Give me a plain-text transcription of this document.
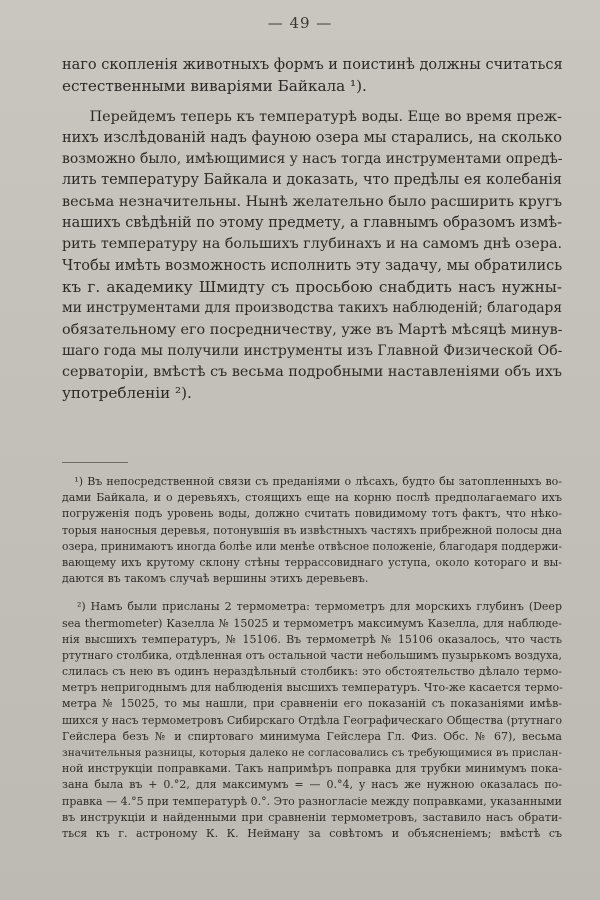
— 49 —

наго скопленія животныхъ формъ и поистинѣ должны считаться
естественными виваріями Байкала ¹).

Перейдемъ теперь къ температурѣ воды. Еще во время преж-
нихъ изслѣдованій надъ фауною озера мы старались, на сколько
возможно было, имѣющимися у насъ тогда инструментами опредѣ-
лить температуру Байкала и доказать, что предѣлы ея колебанія
весьма незначительны. Нынѣ желательно было расширить кругъ
нашихъ свѣдѣній по этому предмету, а главнымъ образомъ измѣ-
рить температуру на большихъ глубинахъ и на самомъ днѣ озера.
Чтобы имѣть возможность исполнить эту задачу, мы обратились
къ г. академику Шмидту съ просьбою снабдить насъ нужны-
ми инструментами для производства такихъ наблюденій; благодаря
обязательному его посредничеству, уже въ Мартѣ мѣсяцѣ минув-
шаго года мы получили инструменты изъ Главной Физической Об-
серваторіи, вмѣстѣ съ весьма подробными наставленіями объ ихъ
употребленіи ²).

¹) Въ непосредственной связи съ преданіями о лѣсахъ, будто бы затопленныхъ во-
дами Байкала, и о деревьяхъ, стоящихъ еще на корню послѣ предполагаемаго ихъ
погруженія подъ уровень воды, должно считать повидимому тотъ фактъ, что нѣко-
торыя наносныя деревья, потонувшія въ извѣстныхъ частяхъ прибрежной полосы дна
озера, принимаютъ иногда болѣе или менѣе отвѣсное положеніе, благодаря поддержи-
вающему ихъ крутому склону стѣны террассовиднаго уступа, около котораго и вы-
даются въ такомъ случаѣ вершины этихъ деревьевъ.
²) Намъ были присланы 2 термометра: термометръ для морскихъ глубинъ (Deep
sea thermometer) Казелла № 15025 и термометръ максимумъ Казелла, для наблюде-
нія высшихъ температуръ, № 15106. Въ термометрѣ № 15106 оказалось, что часть
ртутнаго столбика, отдѣленная отъ остальной части небольшимъ пузырькомъ воздуха,
слилась съ нею въ одинъ нераздѣльный столбикъ: это обстоятельство дѣлало термо-
метръ непригоднымъ для наблюденія высшихъ температуръ. Что-же касается термо-
метра № 15025, то мы нашли, при сравненіи его показаній съ показаніями имѣв-
шихся у насъ термометровъ Сибирскаго Отдѣла Географическаго Общества (ртутнаго
Гейслера безъ № и спиртоваго минимума Гейслера Гл. Физ. Обс. № 67), весьма
значительныя разницы, которыя далеко не согласовались съ требующимися въ прислан-
ной инструкціи поправками. Такъ напримѣръ поправка для трубки минимумъ пока-
зана была въ + 0.°2, для максимумъ = — 0.°4, у насъ же нужною оказалась по-
правка — 4.°5 при температурѣ 0.°. Это разногласіе между поправками, указанными
въ инструкціи и найденными при сравненіи термометровъ, заставило насъ обрати-
ться къ г. астроному К. К. Нейману за совѣтомъ и объясненіемъ; вмѣстѣ съ
